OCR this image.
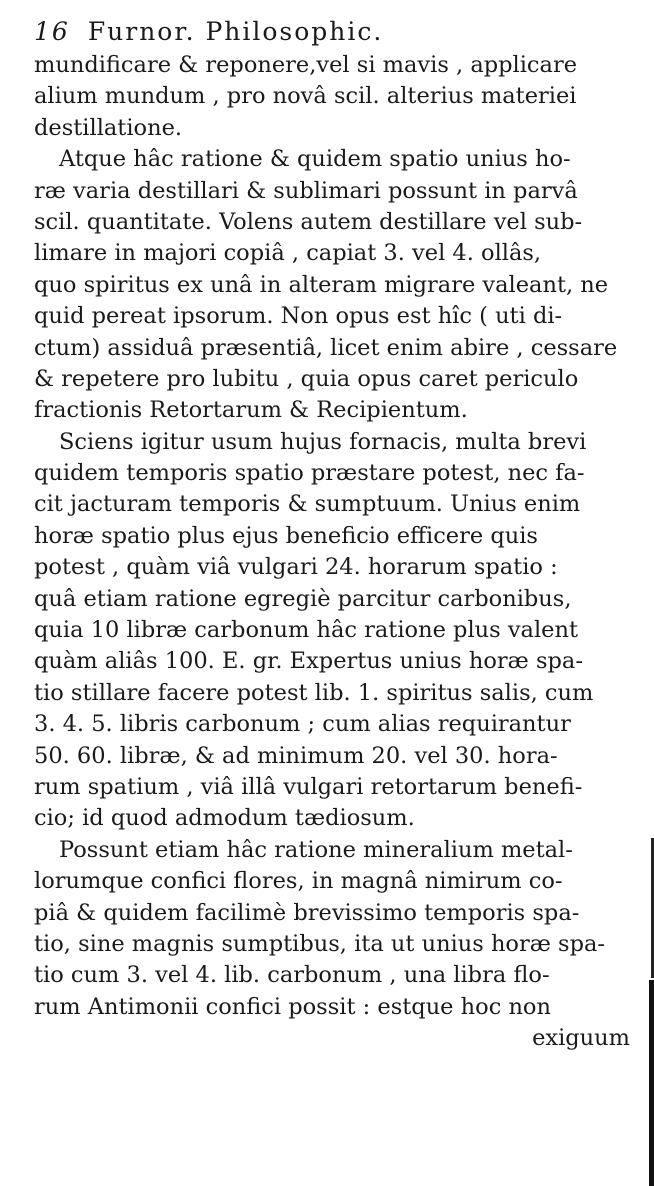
16 Furnor. Philosophic.
mundificare & reponere,vel si mavis , applicare
alium mundum , pro novâ scil. alterius materiei
destillatione.
Atque hâc ratione & quidem spatio unius ho-
ræ varia destillari & sublimari possunt in parvâ
scil. quantitate. Volens autem destillare vel sub-
limare in majori copiâ , capiat 3. vel 4. ollâs,
quo spiritus ex unâ in alteram migrare valeant, ne
quid pereat ipsorum. Non opus est hîc ( uti di-
ctum) assiduâ præsentiâ, licet enim abire , cessare
& repetere pro lubitu , quia opus caret periculo
fractionis Retortarum & Recipientum.
Sciens igitur usum hujus fornacis, multa brevi
quidem temporis spatio præstare potest, nec fa-
cit jacturam temporis & sumptuum. Unius enim
horæ spatio plus ejus beneficio efficere quis
potest , quàm viâ vulgari 24. horarum spatio :
quâ etiam ratione egregiè parcitur carbonibus,
quia 10 libræ carbonum hâc ratione plus valent
quàm aliâs 100. E. gr. Expertus unius horæ spa-
tio stillare facere potest lib. 1. spiritus salis, cum
3. 4. 5. libris carbonum ; cum alias requirantur
50. 60. libræ, & ad minimum 20. vel 30. hora-
rum spatium , viâ illâ vulgari retortarum benefi-
cio; id quod admodum tædiosum.
Possunt etiam hâc ratione mineralium metal-
lorumque confici flores, in magnâ nimirum co-
piâ & quidem facilimè brevissimo temporis spa-
tio, sine magnis sumptibus, ita ut unius horæ spa-
tio cum 3. vel 4. lib. carbonum , una libra flo-
rum Antimonii confici possit : estque hoc non
exiguum
